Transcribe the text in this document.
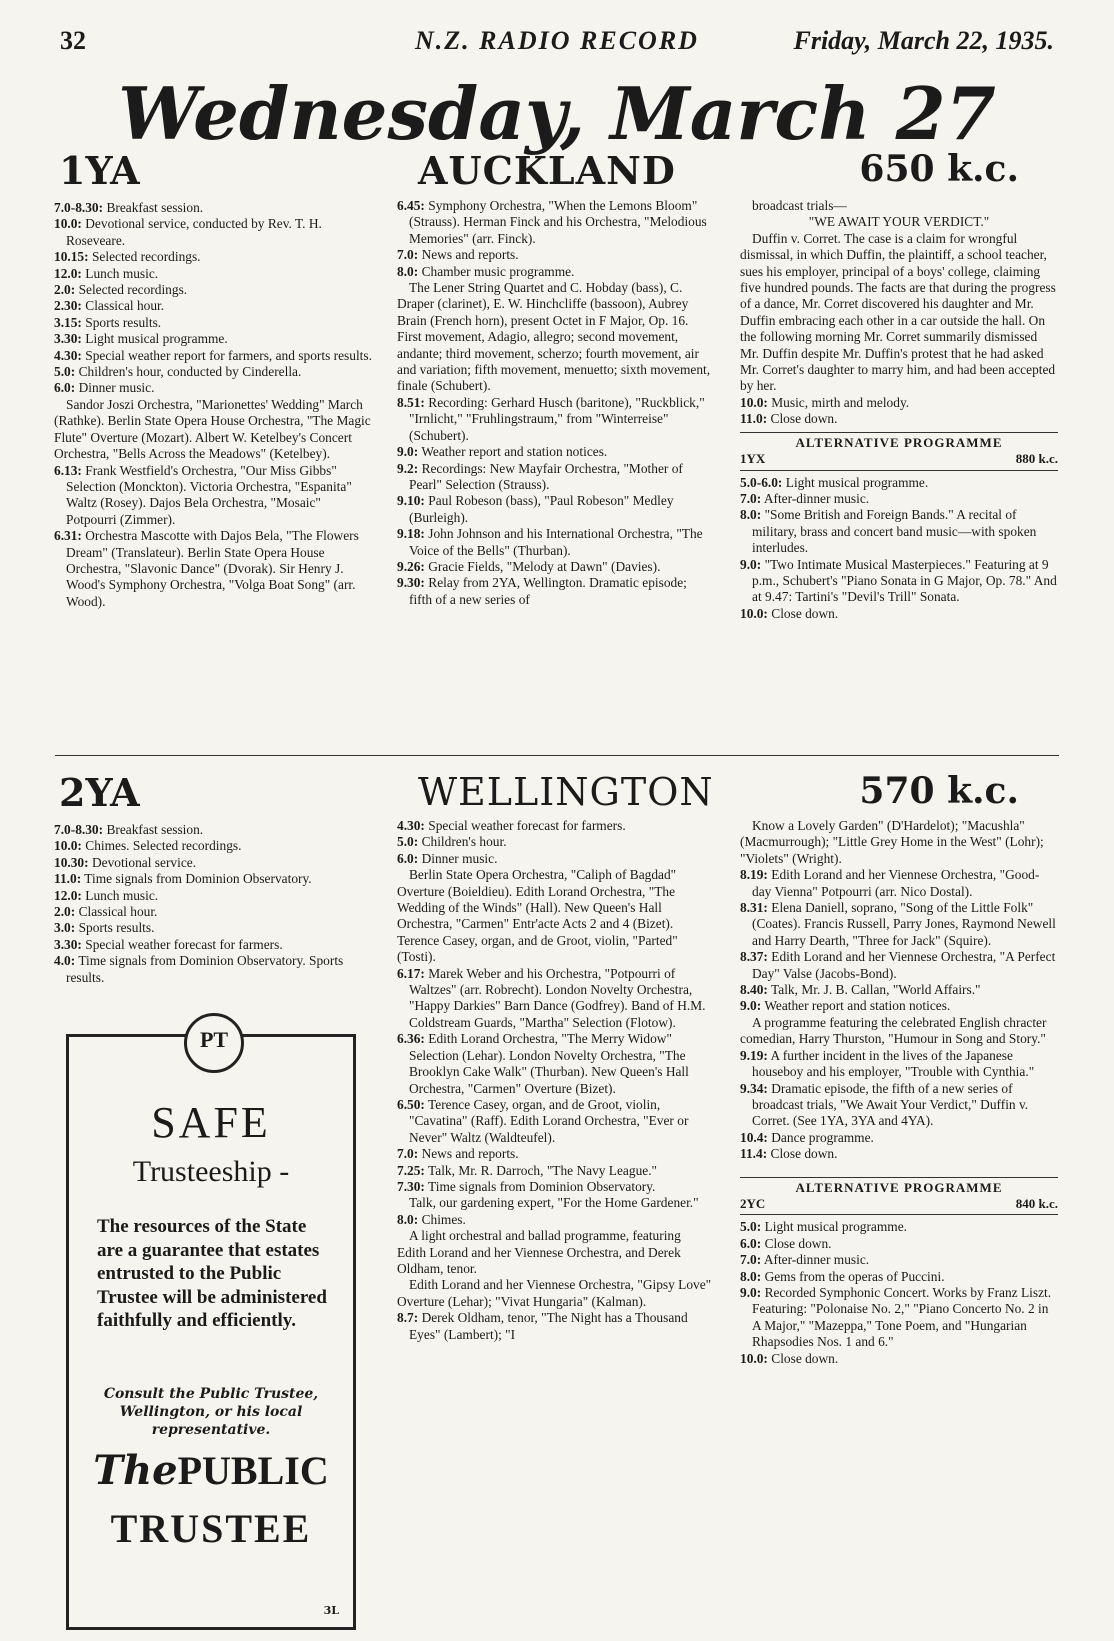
32	N.Z. RADIO RECORD	Friday, March 22, 1935.
Wednesday, March 27
1YA	AUCKLAND	650 k.c.

7.0-8.30: Breakfast session.

10.0: Devotional service, conducted by Rev. T. H. Roseveare.

10.15: Selected recordings.

12.0: Lunch music.

2.0: Selected recordings.

2.30: Classical hour.

3.15: Sports results.

3.30: Light musical programme.

4.30: Special weather report for farmers, and sports results.

5.0: Children's hour, conducted by Cinderella.

6.0: Dinner music.

Sandor Joszi Orchestra, "Marionettes' Wedding" March (Rathke). Berlin State Opera House Orchestra, "The Magic Flute" Overture (Mozart). Albert W. Ketelbey's Concert Orchestra, "Bells Across the Meadows" (Ketelbey).

6.13: Frank Westfield's Orchestra, "Our Miss Gibbs" Selection (Monckton). Victoria Orchestra, "Espanita" Waltz (Rosey). Dajos Bela Orchestra, "Mosaic" Potpourri (Zimmer).

6.31: Orchestra Mascotte with Dajos Bela, "The Flowers Dream" (Translateur). Berlin State Opera House Orchestra, "Slavonic Dance" (Dvorak). Sir Henry J. Wood's Symphony Orchestra, "Volga Boat Song" (arr. Wood).

6.45: Symphony Orchestra, "When the Lemons Bloom" (Strauss). Herman Finck and his Orchestra, "Melodious Memories" (arr. Finck).

7.0: News and reports.

8.0: Chamber music programme.

The Lener String Quartet and C. Hobday (bass), C. Draper (clarinet), E. W. Hinchcliffe (bassoon), Aubrey Brain (French horn), present Octet in F Major, Op. 16. First movement, Adagio, allegro; second movement, andante; third movement, scherzo; fourth movement, air and variation; fifth movement, menuetto; sixth movement, finale (Schubert).

8.51: Recording: Gerhard Husch (baritone), "Ruckblick," "Irnlicht," "Fruhlingstraum," from "Winterreise" (Schubert).

9.0: Weather report and station notices.

9.2: Recordings: New Mayfair Orchestra, "Mother of Pearl" Selection (Strauss).

9.10: Paul Robeson (bass), "Paul Robeson" Medley (Burleigh).

9.18: John Johnson and his International Orchestra, "The Voice of the Bells" (Thurban).

9.26: Gracie Fields, "Melody at Dawn" (Davies).

9.30: Relay from 2YA, Wellington. Dramatic episode; fifth of a new series of

broadcast trials—

"WE AWAIT YOUR VERDICT."

Duffin v. Corret. The case is a claim for wrongful dismissal, in which Duffin, the plaintiff, a school teacher, sues his employer, principal of a boys' college, claiming five hundred pounds. The facts are that during the progress of a dance, Mr. Corret discovered his daughter and Mr. Duffin embracing each other in a car outside the hall. On the following morning Mr. Corret summarily dismissed Mr. Duffin despite Mr. Duffin's protest that he had asked Mr. Corret's daughter to marry him, and had been accepted by her.

10.0: Music, mirth and melody.

11.0: Close down.

ALTERNATIVE PROGRAMME
1YX	880 k.c.

5.0-6.0: Light musical programme.

7.0: After-dinner music.

8.0: "Some British and Foreign Bands." A recital of military, brass and concert band music—with spoken interludes.

9.0: "Two Intimate Musical Masterpieces." Featuring at 9 p.m., Schubert's "Piano Sonata in G Major, Op. 78." And at 9.47: Tartini's "Devil's Trill" Sonata.

10.0: Close down.

2YA	WELLINGTON	570 k.c.

7.0-8.30: Breakfast session.

10.0: Chimes. Selected recordings.

10.30: Devotional service.

11.0: Time signals from Dominion Observatory.

12.0: Lunch music.

2.0: Classical hour.

3.0: Sports results.

3.30: Special weather forecast for farmers.

4.0: Time signals from Dominion Observatory. Sports results.

4.30: Special weather forecast for farmers.

5.0: Children's hour.

6.0: Dinner music.

Berlin State Opera Orchestra, "Caliph of Bagdad" Overture (Boieldieu). Edith Lorand Orchestra, "The Wedding of the Winds" (Hall). New Queen's Hall Orchestra, "Carmen" Entr'acte Acts 2 and 4 (Bizet). Terence Casey, organ, and de Groot, violin, "Parted" (Tosti).

6.17: Marek Weber and his Orchestra, "Potpourri of Waltzes" (arr. Robrecht). London Novelty Orchestra, "Happy Darkies" Barn Dance (Godfrey). Band of H.M. Coldstream Guards, "Martha" Selection (Flotow).

6.36: Edith Lorand Orchestra, "The Merry Widow" Selection (Lehar). London Novelty Orchestra, "The Brooklyn Cake Walk" (Thurban). New Queen's Hall Orchestra, "Carmen" Overture (Bizet).

6.50: Terence Casey, organ, and de Groot, violin, "Cavatina" (Raff). Edith Lorand Orchestra, "Ever or Never" Waltz (Waldteufel).

7.0: News and reports.

7.25: Talk, Mr. R. Darroch, "The Navy League."

7.30: Time signals from Dominion Observatory.

Talk, our gardening expert, "For the Home Gardener."

8.0: Chimes.

A light orchestral and ballad programme, featuring Edith Lorand and her Viennese Orchestra, and Derek Oldham, tenor.

Edith Lorand and her Viennese Orchestra, "Gipsy Love" Overture (Lehar); "Vivat Hungaria" (Kalman).

8.7: Derek Oldham, tenor, "The Night has a Thousand Eyes" (Lambert); "I

Know a Lovely Garden" (D'Hardelot); "Macushla" (Macmurrough); "Little Grey Home in the West" (Lohr); "Violets" (Wright).

8.19: Edith Lorand and her Viennese Orchestra, "Good-day Vienna" Potpourri (arr. Nico Dostal).

8.31: Elena Daniell, soprano, "Song of the Little Folk" (Coates). Francis Russell, Parry Jones, Raymond Newell and Harry Dearth, "Three for Jack" (Squire).

8.37: Edith Lorand and her Viennese Orchestra, "A Perfect Day" Valse (Jacobs-Bond).

8.40: Talk, Mr. J. B. Callan, "World Affairs."

9.0: Weather report and station notices.

A programme featuring the celebrated English chracter comedian, Harry Thurston, "Humour in Song and Story."

9.19: A further incident in the lives of the Japanese houseboy and his employer, "Trouble with Cynthia."

9.34: Dramatic episode, the fifth of a new series of broadcast trials, "We Await Your Verdict," Duffin v. Corret. (See 1YA, 3YA and 4YA).

10.4: Dance programme.

11.4: Close down.

ALTERNATIVE PROGRAMME
2YC	840 k.c.

5.0: Light musical programme.

6.0: Close down.

7.0: After-dinner music.

8.0: Gems from the operas of Puccini.

9.0: Recorded Symphonic Concert. Works by Franz Liszt. Featuring: "Polonaise No. 2," "Piano Concerto No. 2 in A Major," "Mazeppa," Tone Poem, and "Hungarian Rhapsodies Nos. 1 and 6."

10.0: Close down.

PT
SAFE
Trusteeship -
The resources of the State are a guarantee that estates entrusted to the Public Trustee will be administered faithfully and efficiently.
Consult the Public Trustee, Wellington, or his local representative.
ThePUBLIC
TRUSTEE
3L
